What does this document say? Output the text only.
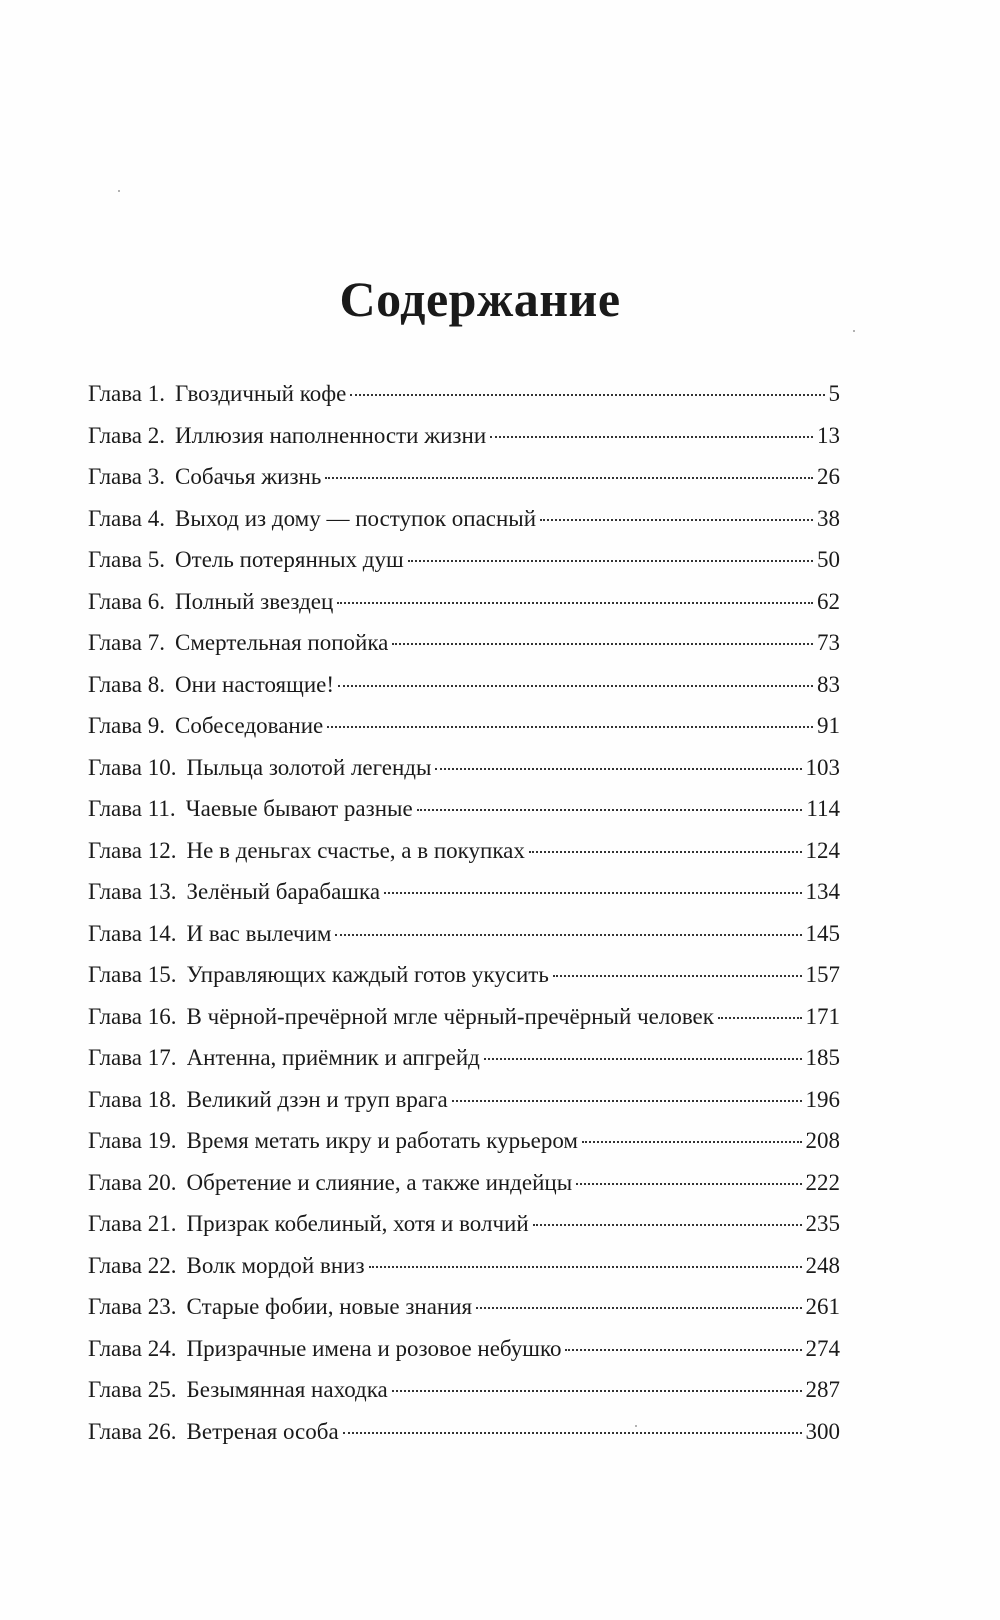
Содержание
Глава 1. Гвоздичный кофе	5
Глава 2. Иллюзия наполненности жизни	13
Глава 3. Собачья жизнь	26
Глава 4. Выход из дому — поступок опасный	38
Глава 5. Отель потерянных душ	50
Глава 6. Полный звездец	62
Глава 7. Смертельная попойка	73
Глава 8. Они настоящие!	83
Глава 9. Собеседование	91
Глава 10. Пыльца золотой легенды	103
Глава 11. Чаевые бывают разные	114
Глава 12. Не в деньгах счастье, а в покупках	124
Глава 13. Зелёный барабашка	134
Глава 14. И вас вылечим	145
Глава 15. Управляющих каждый готов укусить	157
Глава 16. В чёрной-пречёрной мгле чёрный-пречёрный человек	171
Глава 17. Антенна, приёмник и апгрейд	185
Глава 18. Великий дзэн и труп врага	196
Глава 19. Время метать икру и работать курьером	208
Глава 20. Обретение и слияние, а также индейцы	222
Глава 21. Призрак кобелиный, хотя и волчий	235
Глава 22. Волк мордой вниз	248
Глава 23. Старые фобии, новые знания	261
Глава 24. Призрачные имена и розовое небушко	274
Глава 25. Безымянная находка	287
Глава 26. Ветреная особа	300
